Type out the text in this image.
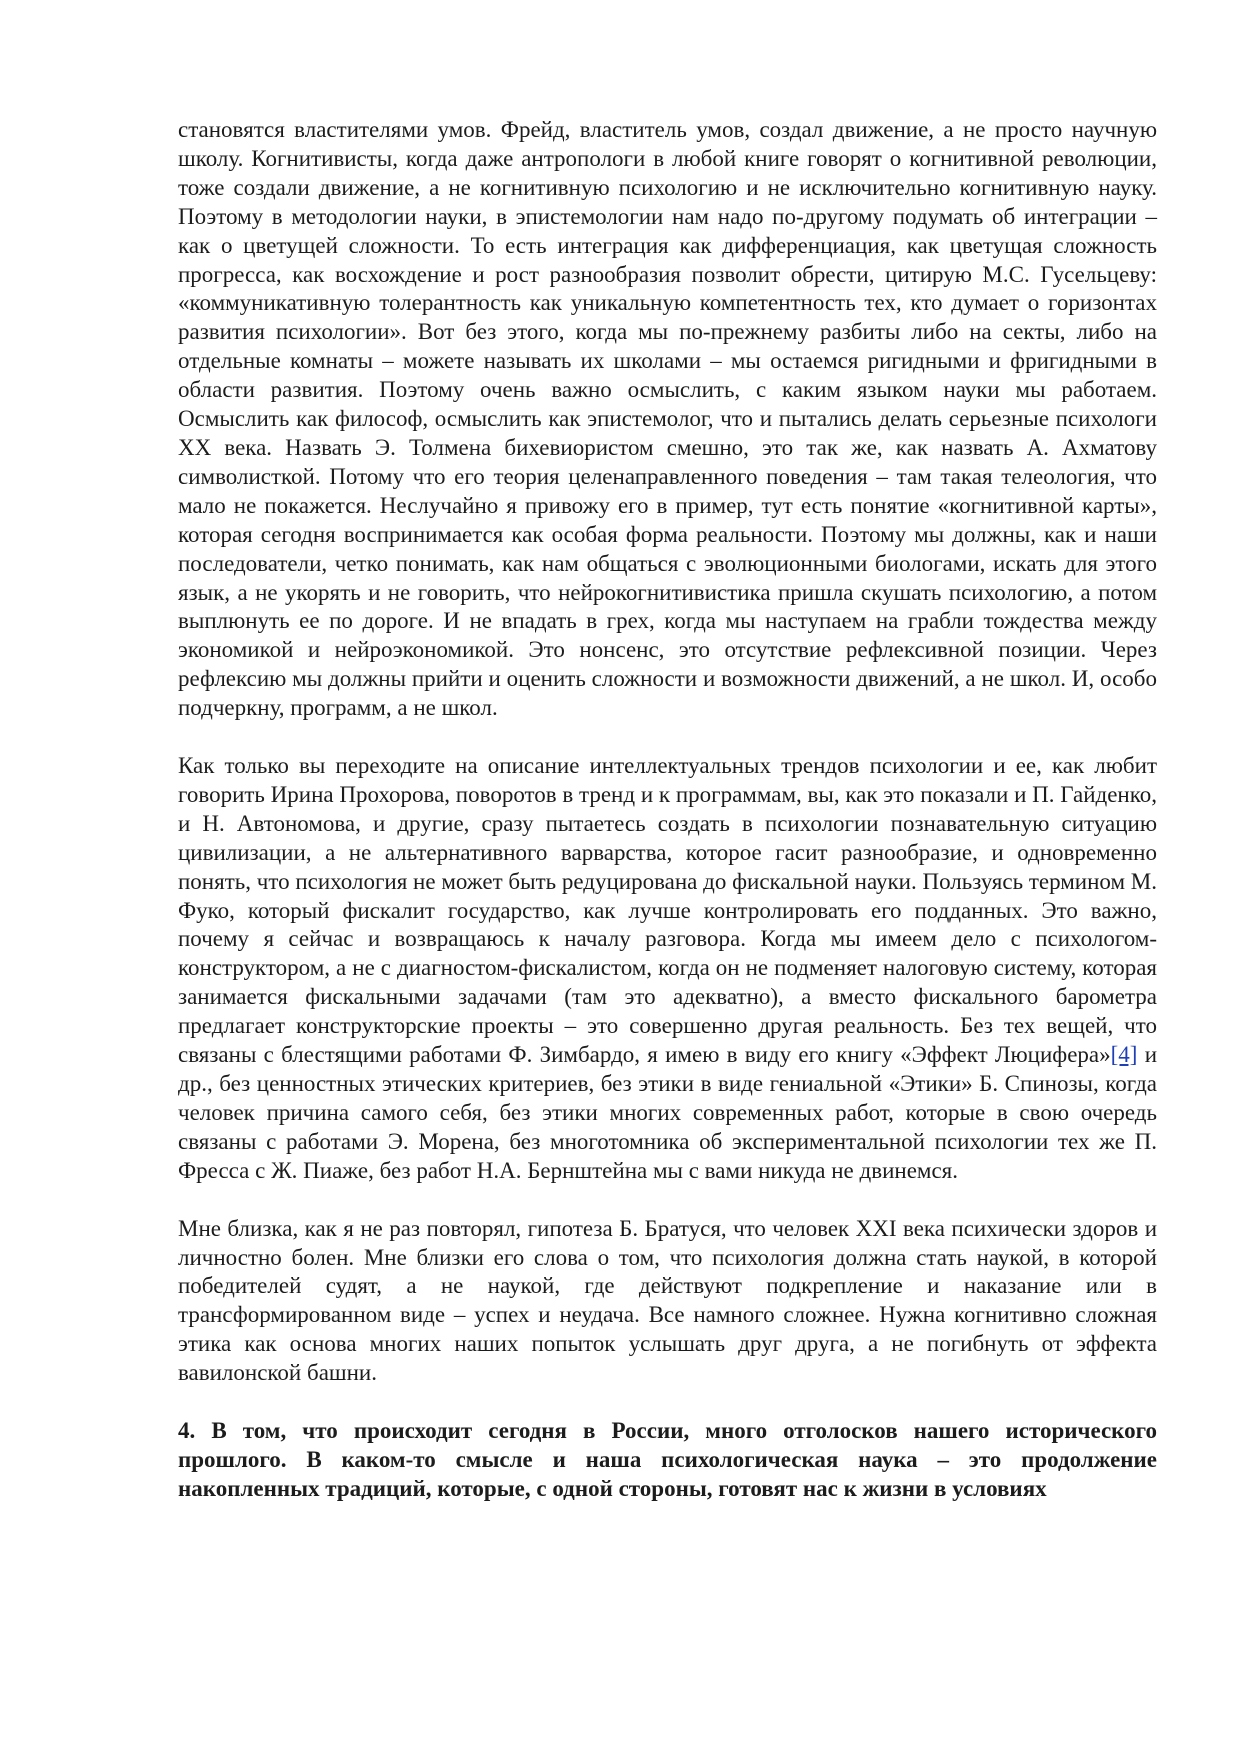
становятся властителями умов. Фрейд, властитель умов, создал движение, а не просто научную школу. Когнитивисты, когда даже антропологи в любой книге говорят о когнитивной революции, тоже создали движение, а не когнитивную психологию и не исключительно когнитивную науку. Поэтому в методологии науки, в эпистемологии нам надо по-другому подумать об интеграции – как о цветущей сложности. То есть интеграция как дифференциация, как цветущая сложность прогресса, как восхождение и рост разнообразия позволит обрести, цитирую М.С. Гусельцеву: «коммуникативную толерантность как уникальную компетентность тех, кто думает о горизонтах развития психологии». Вот без этого, когда мы по-прежнему разбиты либо на секты, либо на отдельные комнаты – можете называть их школами – мы остаемся ригидными и фригидными в области развития. Поэтому очень важно осмыслить, с каким языком науки мы работаем. Осмыслить как философ, осмыслить как эпистемолог, что и пытались делать серьезные психологи XX века. Назвать Э. Толмена бихевиористом смешно, это так же, как назвать А. Ахматову символисткой. Потому что его теория целенаправленного поведения – там такая телеология, что мало не покажется. Неслучайно я привожу его в пример, тут есть понятие «когнитивной карты», которая сегодня воспринимается как особая форма реальности. Поэтому мы должны, как и наши последователи, четко понимать, как нам общаться с эволюционными биологами, искать для этого язык, а не укорять и не говорить, что нейрокогнитивистика пришла скушать психологию, а потом выплюнуть ее по дороге. И не впадать в грех, когда мы наступаем на грабли тождества между экономикой и нейроэкономикой. Это нонсенс, это отсутствие рефлексивной позиции. Через рефлексию мы должны прийти и оценить сложности и возможности движений, а не школ. И, особо подчеркну, программ, а не школ.

Как только вы переходите на описание интеллектуальных трендов психологии и ее, как любит говорить Ирина Прохорова, поворотов в тренд и к программам, вы, как это показали и П. Гайденко, и Н. Автономова, и другие, сразу пытаетесь создать в психологии познавательную ситуацию цивилизации, а не альтернативного варварства, которое гасит разнообразие, и одновременно понять, что психология не может быть редуцирована до фискальной науки. Пользуясь термином М. Фуко, который фискалит государство, как лучше контролировать его подданных. Это важно, почему я сейчас и возвращаюсь к началу разговора. Когда мы имеем дело с психологом-конструктором, а не с диагностом-фискалистом, когда он не подменяет налоговую систему, которая занимается фискальными задачами (там это адекватно), а вместо фискального барометра предлагает конструкторские проекты – это совершенно другая реальность. Без тех вещей, что связаны с блестящими работами Ф. Зимбардо, я имею в виду его книгу «Эффект Люцифера»[4] и др., без ценностных этических критериев, без этики в виде гениальной «Этики» Б. Спинозы, когда человек причина самого себя, без этики многих современных работ, которые в свою очередь связаны с работами Э. Морена, без многотомника об экспериментальной психологии тех же П. Фресса с Ж. Пиаже, без работ Н.А. Бернштейна мы с вами никуда не двинемся.

Мне близка, как я не раз повторял, гипотеза Б. Братуся, что человек XXI века психически здоров и личностно болен. Мне близки его слова о том, что психология должна стать наукой, в которой победителей судят, а не наукой, где действуют подкрепление и наказание или в трансформированном виде – успех и неудача. Все намного сложнее. Нужна когнитивно сложная этика как основа многих наших попыток услышать друг друга, а не погибнуть от эффекта вавилонской башни.

4. В том, что происходит сегодня в России, много отголосков нашего исторического прошлого. В каком-то смысле и наша психологическая наука – это продолжение накопленных традиций, которые, с одной стороны, готовят нас к жизни в условиях
